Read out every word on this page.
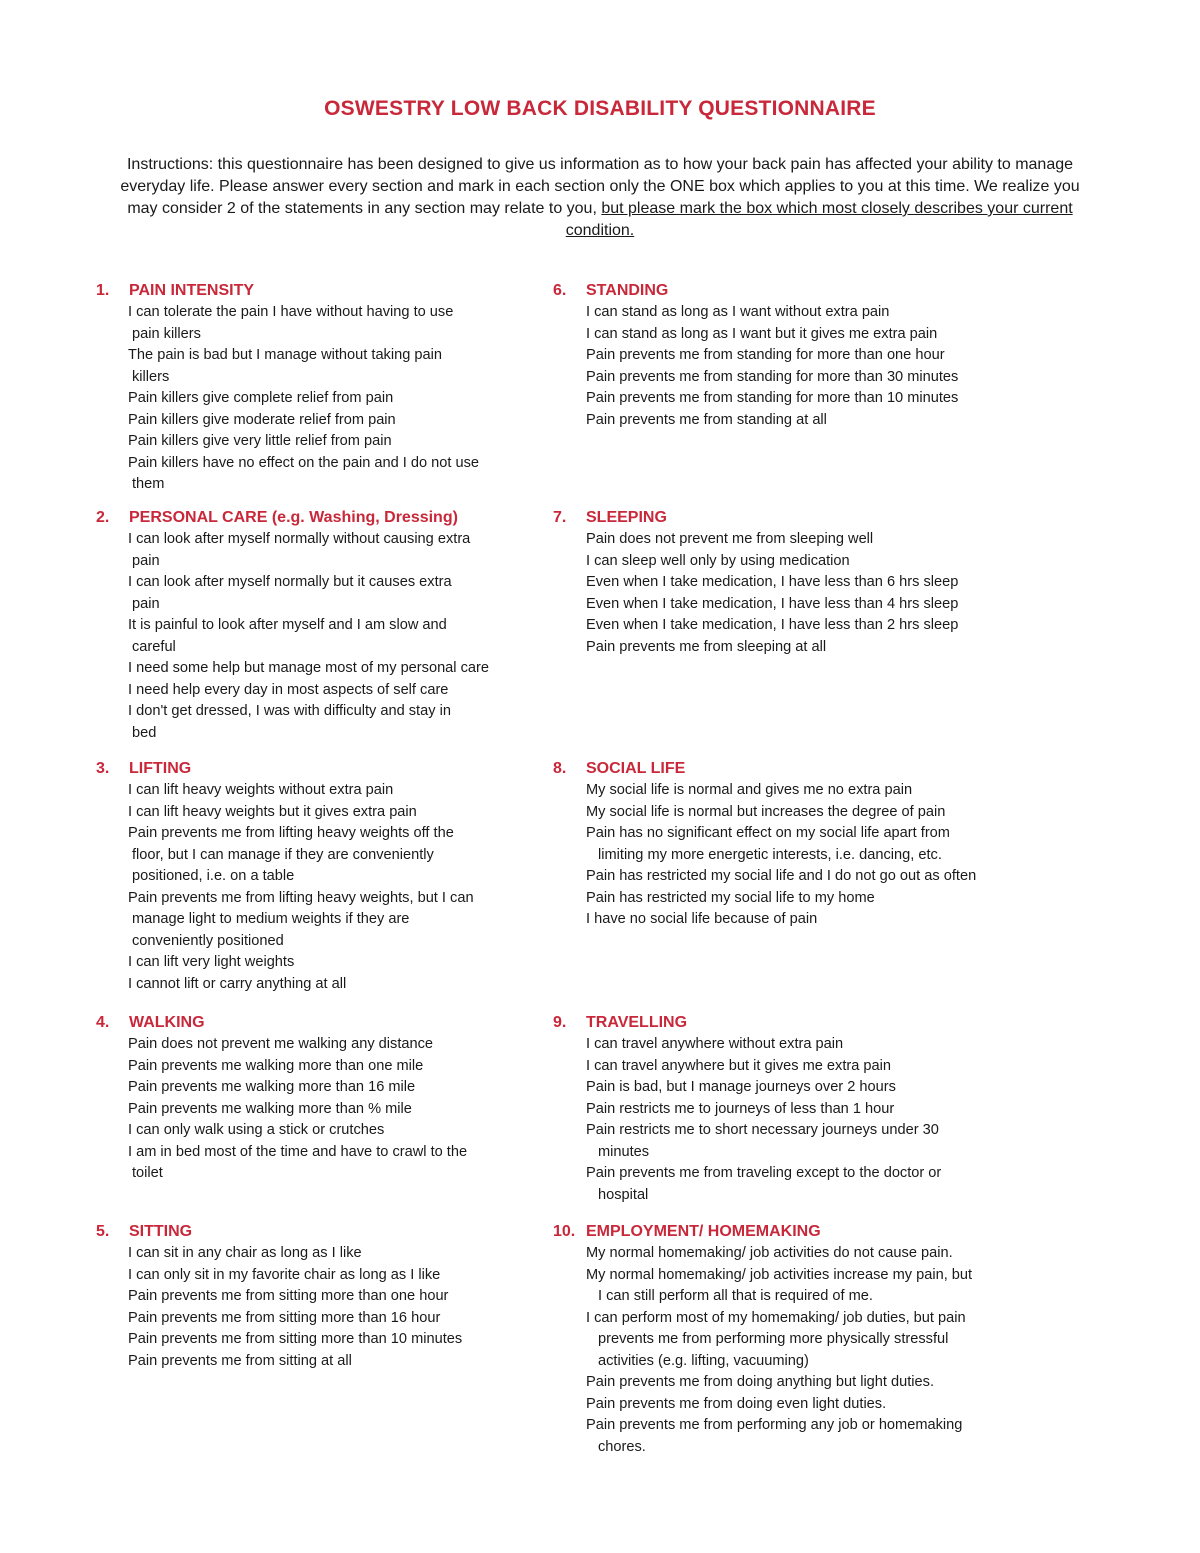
OSWESTRY LOW BACK DISABILITY QUESTIONNAIRE

Instructions: this questionnaire has been designed to give us information as to how your back pain has affected your ability to manage everyday life. Please answer every section and mark in each section only the ONE box which applies to you at this time. We realize you may consider 2 of the statements in any section may relate to you, but please mark the box which most closely describes your current condition.

1. PAIN INTENSITY
I can tolerate the pain I have without having to use
pain killers
The pain is bad but I manage without taking pain
killers
Pain killers give complete relief from pain
Pain killers give moderate relief from pain
Pain killers give very little relief from pain
Pain killers have no effect on the pain and I do not use
them
2. PERSONAL CARE (e.g. Washing, Dressing)
I can look after myself normally without causing extra
pain
I can look after myself normally but it causes extra
pain
It is painful to look after myself and I am slow and
careful
I need some help but manage most of my personal care
I need help every day in most aspects of self care
I don't get dressed, I was with difficulty and stay in
bed
3. LIFTING
I can lift heavy weights without extra pain
I can lift heavy weights but it gives extra pain
Pain prevents me from lifting heavy weights off the
floor, but I can manage if they are conveniently
positioned, i.e. on a table
Pain prevents me from lifting heavy weights, but I can
manage light to medium weights if they are
conveniently positioned
I can lift very light weights
I cannot lift or carry anything at all
4. WALKING
Pain does not prevent me walking any distance
Pain prevents me walking more than one mile
Pain prevents me walking more than 16 mile
Pain prevents me walking more than % mile
I can only walk using a stick or crutches
I am in bed most of the time and have to crawl to the
toilet
5. SITTING
I can sit in any chair as long as I like
I can only sit in my favorite chair as long as I like
Pain prevents me from sitting more than one hour
Pain prevents me from sitting more than 16 hour
Pain prevents me from sitting more than 10 minutes
Pain prevents me from sitting at all
6. STANDING
I can stand as long as I want without extra pain
I can stand as long as I want but it gives me extra pain
Pain prevents me from standing for more than one hour
Pain prevents me from standing for more than 30 minutes
Pain prevents me from standing for more than 10 minutes
Pain prevents me from standing at all
7. SLEEPING
Pain does not prevent me from sleeping well
I can sleep well only by using medication
Even when I take medication, I have less than 6 hrs sleep
Even when I take medication, I have less than 4 hrs sleep
Even when I take medication, I have less than 2 hrs sleep
Pain prevents me from sleeping at all
8. SOCIAL LIFE
My social life is normal and gives me no extra pain
My social life is normal but increases the degree of pain
Pain has no significant effect on my social life apart from
limiting my more energetic interests, i.e. dancing, etc.
Pain has restricted my social life and I do not go out as often
Pain has restricted my social life to my home
I have no social life because of pain
9. TRAVELLING
I can travel anywhere without extra pain
I can travel anywhere but it gives me extra pain
Pain is bad, but I manage journeys over 2 hours
Pain restricts me to journeys of less than 1 hour
Pain restricts me to short necessary journeys under 30
minutes
Pain prevents me from traveling except to the doctor or
hospital
10. EMPLOYMENT/ HOMEMAKING
My normal homemaking/ job activities do not cause pain.
My normal homemaking/ job activities increase my pain, but
I can still perform all that is required of me.
I can perform most of my homemaking/ job duties, but pain
prevents me from performing more physically stressful
activities (e.g. lifting, vacuuming)
Pain prevents me from doing anything but light duties.
Pain prevents me from doing even light duties.
Pain prevents me from performing any job or homemaking
chores.
